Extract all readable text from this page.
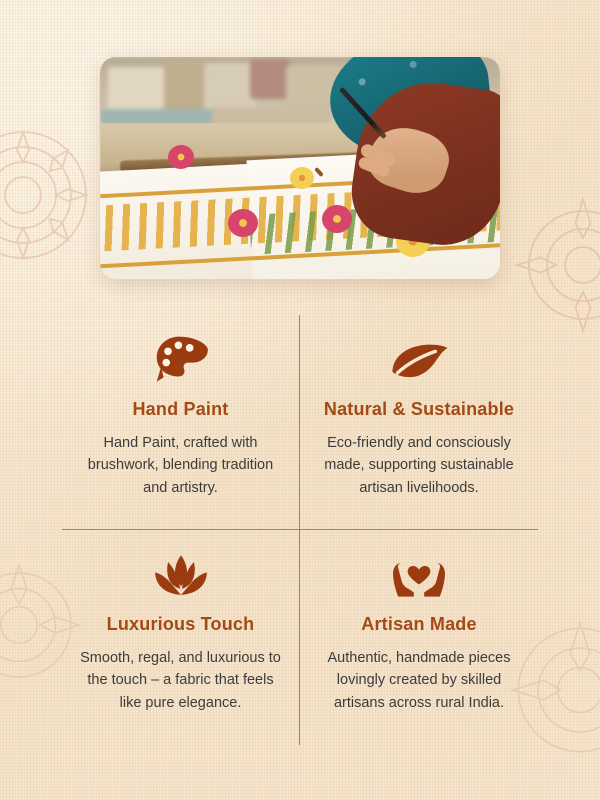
Hand Paint
Hand Paint, crafted with brushwork, blending tradition and artistry.
Natural & Sustainable
Eco-friendly and consciously made, supporting sustainable artisan livelihoods.
Luxurious Touch
Smooth, regal, and luxurious to the touch – a fabric that feels like pure elegance.
Artisan Made
Authentic, handmade pieces lovingly created by skilled artisans across rural India.
